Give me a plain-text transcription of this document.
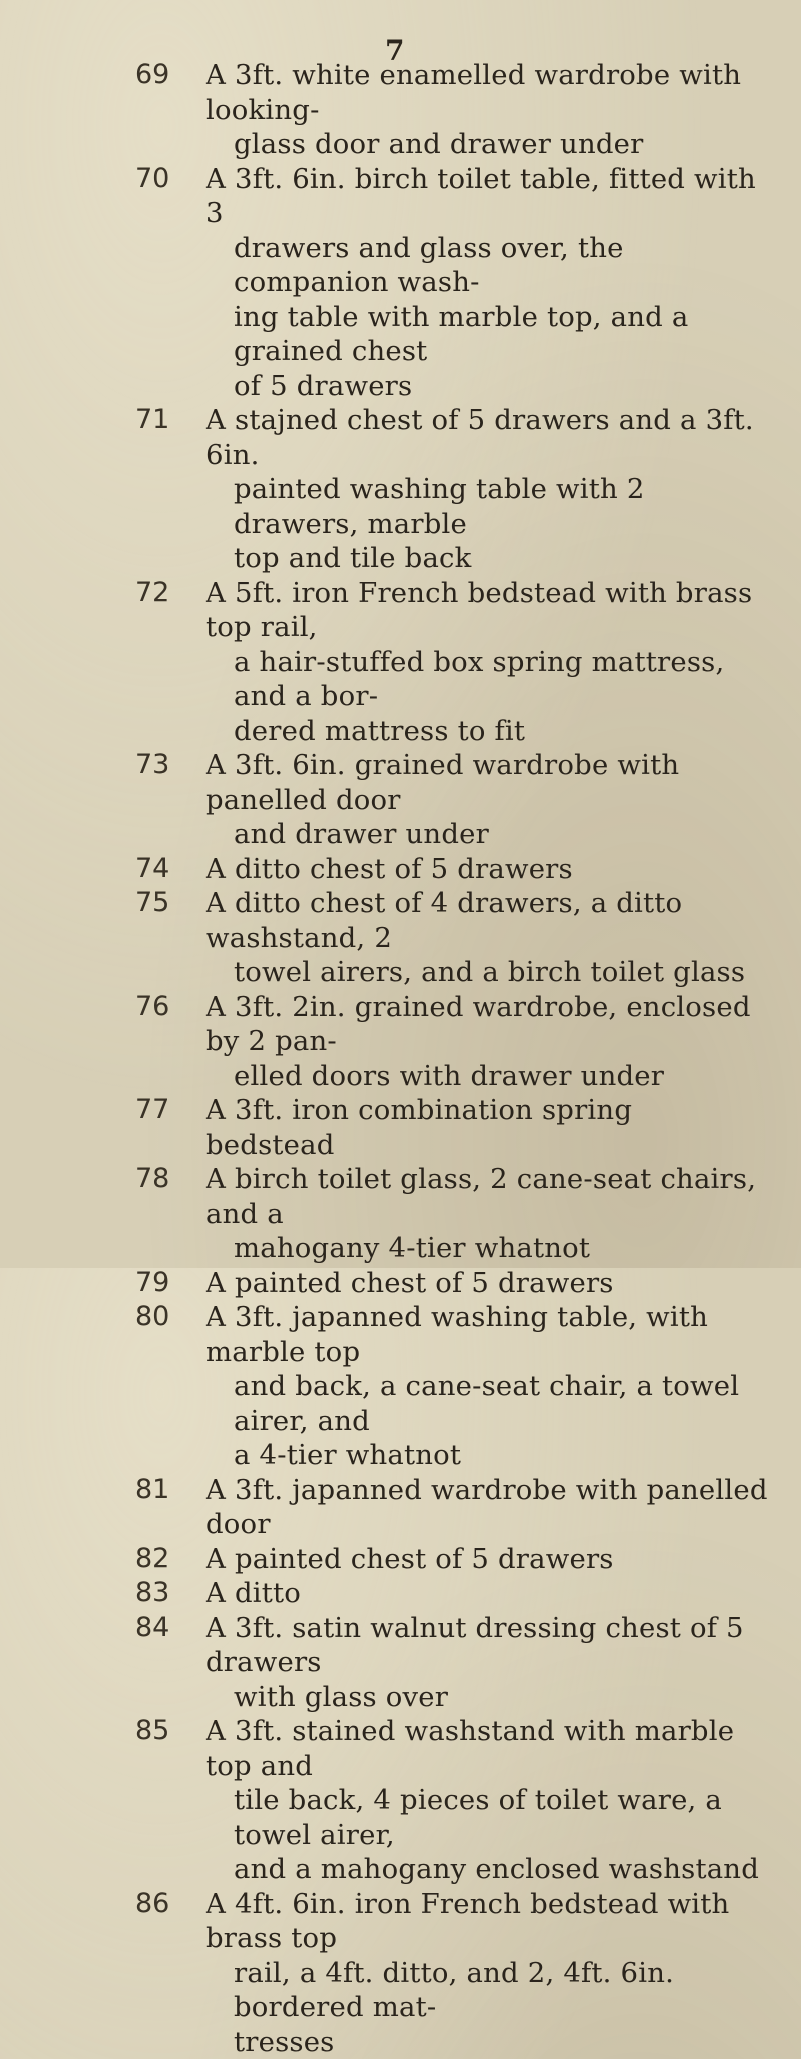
7
69	A 3ft. white enamelled wardrobe with looking-
glass door and drawer under
70	A 3ft. 6in. birch toilet table, fitted with 3
drawers and glass over, the companion wash-
ing table with marble top, and a grained chest
of 5 drawers
71	A stajned chest of 5 drawers and a 3ft. 6in.
painted washing table with 2 drawers, marble
top and tile back
72	A 5ft. iron French bedstead with brass top rail,
a hair-stuffed box spring mattress, and a bor-
dered mattress to fit
73	A 3ft. 6in. grained wardrobe with panelled door
and drawer under
74	A ditto chest of 5 drawers
75	A ditto chest of 4 drawers, a ditto washstand, 2
towel airers, and a birch toilet glass
76	A 3ft. 2in. grained wardrobe, enclosed by 2 pan-
elled doors with drawer under
77	A 3ft. iron combination spring bedstead
78	A birch toilet glass, 2 cane-seat chairs, and a
mahogany 4-tier whatnot
79	A painted chest of 5 drawers
80	A 3ft. japanned washing table, with marble top
and back, a cane-seat chair, a towel airer, and
a 4-tier whatnot
81	A 3ft. japanned wardrobe with panelled door
82	A painted chest of 5 drawers
83	A ditto
84	A 3ft. satin walnut dressing chest of 5 drawers
with glass over
85	A 3ft. stained washstand with marble top and
tile back, 4 pieces of toilet ware, a towel airer,
and a mahogany enclosed washstand
86	A 4ft. 6in. iron French bedstead with brass top
rail, a 4ft. ditto, and 2, 4ft. 6in. bordered mat-
tresses
